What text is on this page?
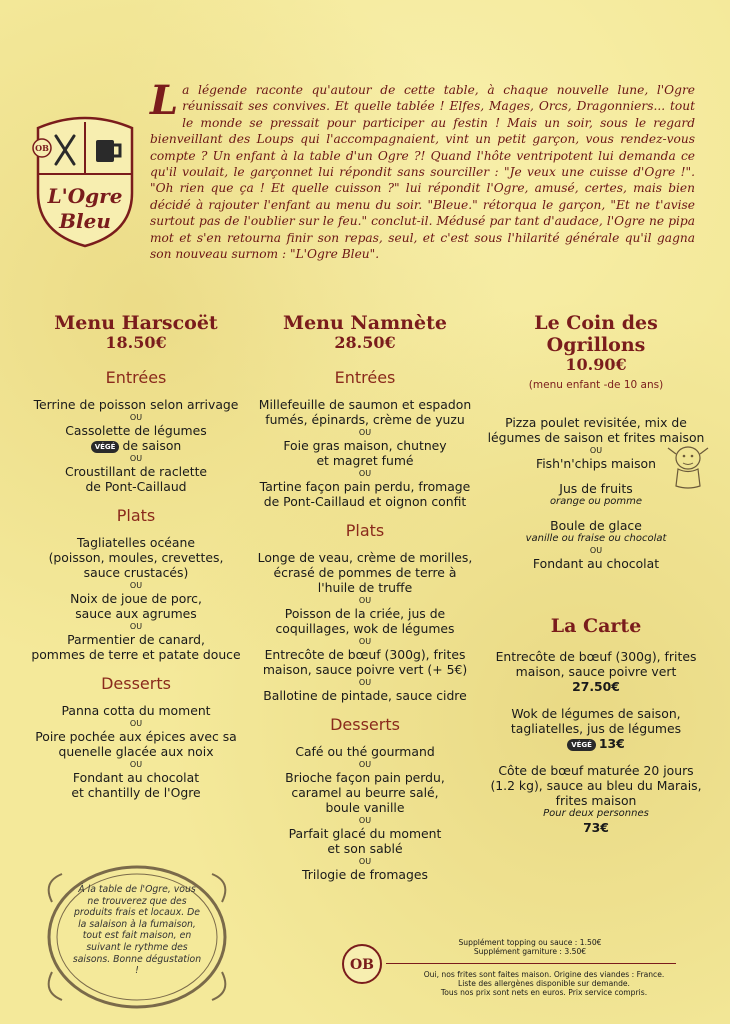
OB
L'Ogre
Bleu

La légende raconte qu'autour de cette table, à chaque nouvelle lune, l'Ogre réunissait ses convives. Et quelle tablée ! Elfes, Mages, Orcs, Dragonniers... tout le monde se pressait pour participer au festin ! Mais un soir, sous le regard bienveillant des Loups qui l'accompagnaient, vint un petit garçon, vous rendez-vous compte ? Un enfant à la table d'un Ogre ?! Quand l'hôte ventripotent lui demanda ce qu'il voulait, le garçonnet lui répondit sans sourciller : "Je veux une cuisse d'Ogre !". "Oh rien que ça ! Et quelle cuisson ?" lui répondit l'Ogre, amusé, certes, mais bien décidé à rajouter l'enfant au menu du soir. "Bleue." rétorqua le garçon, "Et ne t'avise surtout pas de l'oublier sur le feu." conclut-il. Médusé par tant d'audace, l'Ogre ne pipa mot et s'en retourna finir son repas, seul, et c'est sous l'hilarité générale qu'il gagna son nouveau surnom : "L'Ogre Bleu".

Menu Harscoët
18.50€
Entrées
Terrine de poisson selon arrivage
OU
Cassolette de légumes
VÉGÉ de saison
OU
Croustillant de raclette
de Pont-Caillaud
Plats
Tagliatelles océane
(poisson, moules, crevettes,
sauce crustacés)
OU
Noix de joue de porc,
sauce aux agrumes
OU
Parmentier de canard,
pommes de terre et patate douce
Desserts
Panna cotta du moment
OU
Poire pochée aux épices avec sa
quenelle glacée aux noix
OU
Fondant au chocolat
et chantilly de l'Ogre
Menu Namnète
28.50€
Entrées
Millefeuille de saumon et espadon
fumés, épinards, crème de yuzu
OU
Foie gras maison, chutney
et magret fumé
OU
Tartine façon pain perdu, fromage
de Pont-Caillaud et oignon confit
Plats
Longe de veau, crème de morilles,
écrasé de pommes de terre à
l'huile de truffe
OU
Poisson de la criée, jus de
coquillages, wok de légumes
OU
Entrecôte de bœuf (300g), frites
maison, sauce poivre vert (+ 5€)
OU
Ballotine de pintade, sauce cidre
Desserts
Café ou thé gourmand
OU
Brioche façon pain perdu,
caramel au beurre salé,
boule vanille
OU
Parfait glacé du moment
et son sablé
OU
Trilogie de fromages
Le Coin des Ogrillons
10.90€
(menu enfant -de 10 ans)
Pizza poulet revisitée, mix de
légumes de saison et frites maison
OU
Fish'n'chips maison
Jus de fruits
orange ou pomme
Boule de glace
vanille ou fraise ou chocolat
OU
Fondant au chocolat
La Carte
Entrecôte de bœuf (300g), frites
maison, sauce poivre vert
27.50€
Wok de légumes de saison,
tagliatelles, jus de légumes
VÉGÉ 13€
Côte de bœuf maturée 20 jours
(1.2 kg), sauce au bleu du Marais,
frites maison
Pour deux personnes
73€
À la table de l'Ogre, vous ne trouverez que des produits frais et locaux. De la salaison à la fumaison, tout est fait maison, en suivant le rythme des saisons. Bonne dégustation !	OB
Supplément topping ou sauce : 1.50€
Supplément garniture : 3.50€
Oui, nos frites sont faites maison. Origine des viandes : France.
Liste des allergènes disponible sur demande.
Tous nos prix sont nets en euros. Prix service compris.
